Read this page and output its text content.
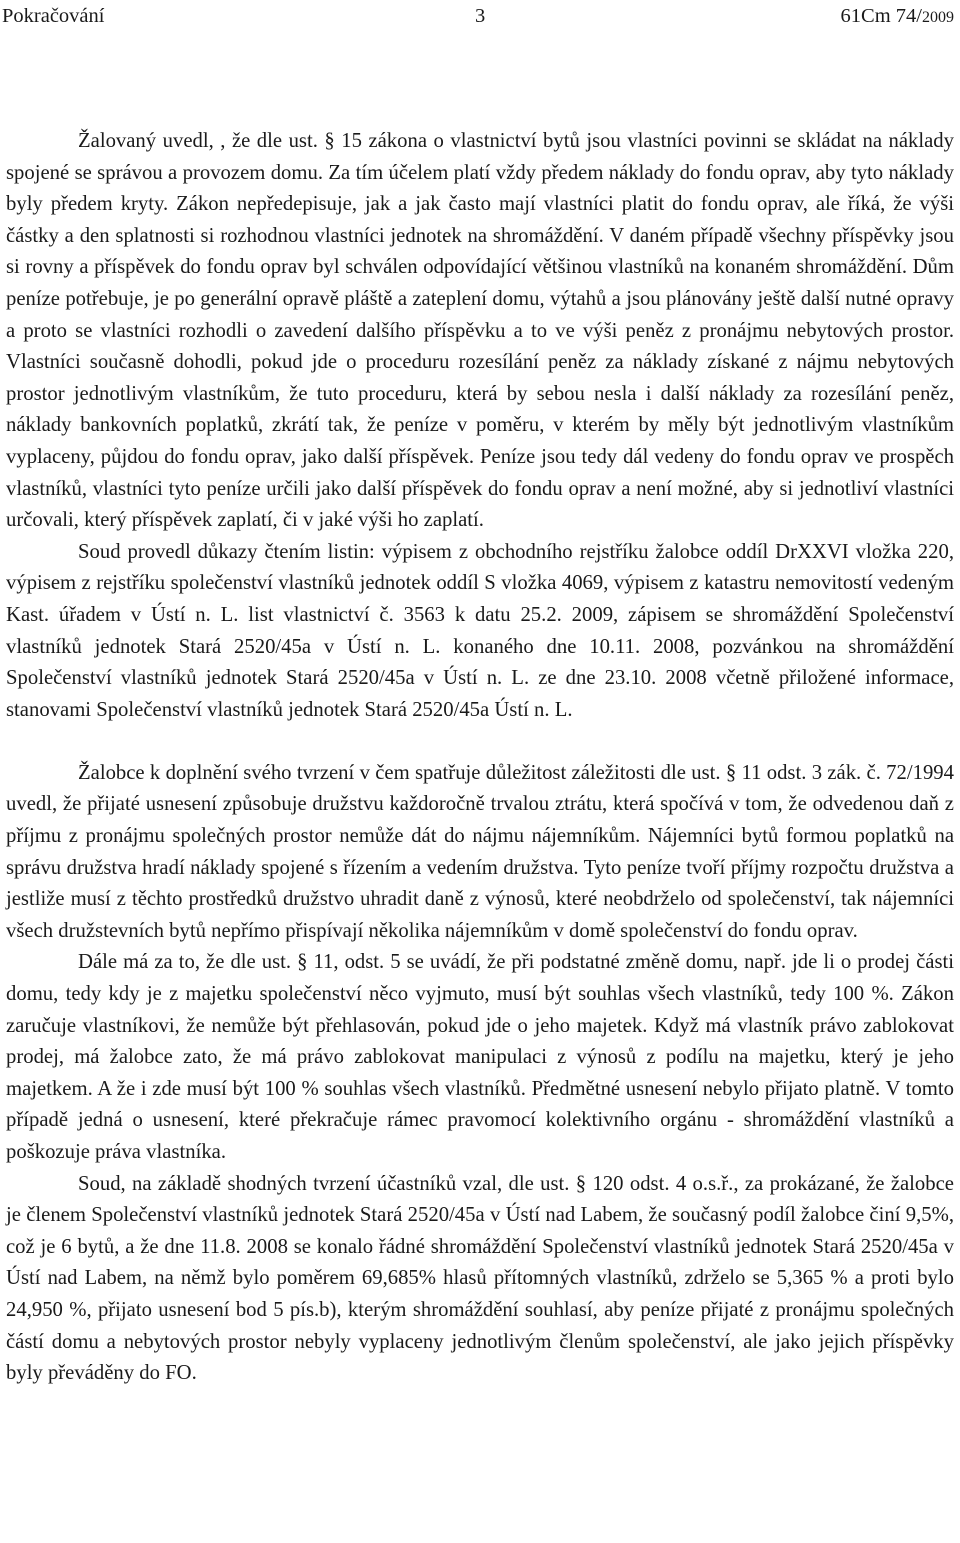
Pokračování	3	61Cm 74/2009

Žalovaný uvedl, , že dle ust. § 15 zákona o vlastnictví bytů jsou vlastníci povinni se skládat na náklady spojené se správou a provozem domu. Za tím účelem platí vždy předem náklady do fondu oprav, aby tyto náklady byly předem kryty. Zákon nepředepisuje, jak a jak často mají vlastníci platit do fondu oprav, ale říká, že výši částky a den splatnosti si rozhodnou vlastníci jednotek na shromáždění. V daném případě všechny příspěvky jsou si rovny a příspěvek do fondu oprav byl schválen odpovídající většinou vlastníků na konaném shromáždění. Dům peníze potřebuje, je po generální opravě pláště a zateplení domu, výtahů a jsou plánovány ještě další nutné opravy a proto se vlastníci rozhodli o zavedení dalšího příspěvku a to ve výši peněz z pronájmu nebytových prostor. Vlastníci současně dohodli, pokud jde o proceduru rozesílání peněz za náklady získané z nájmu nebytových prostor jednotlivým vlastníkům, že tuto proceduru, která by sebou nesla i další náklady za rozesílání peněz, náklady bankovních poplatků, zkrátí tak, že peníze v poměru, v kterém by měly být jednotlivým vlastníkům vyplaceny, půjdou do fondu oprav, jako další příspěvek. Peníze jsou tedy dál vedeny do fondu oprav ve prospěch vlastníků, vlastníci tyto peníze určili jako další příspěvek do fondu oprav a není možné, aby si jednotliví vlastníci určovali, který příspěvek zaplatí, či v jaké výši ho zaplatí.

Soud provedl důkazy čtením listin: výpisem z obchodního rejstříku žalobce oddíl DrXXVI vložka 220, výpisem z rejstříku společenství vlastníků jednotek oddíl S vložka 4069, výpisem z katastru nemovitostí vedeným Kast. úřadem v Ústí n. L. list vlastnictví č. 3563 k datu 25.2. 2009, zápisem se shromáždění Společenství vlastníků jednotek Stará 2520/45a v Ústí n. L. konaného dne 10.11. 2008, pozvánkou na shromáždění Společenství vlastníků jednotek Stará 2520/45a v Ústí n. L. ze dne 23.10. 2008 včetně přiložené informace, stanovami Společenství vlastníků jednotek Stará 2520/45a Ústí n. L.

Žalobce k doplnění svého tvrzení v čem spatřuje důležitost záležitosti dle ust. § 11 odst. 3 zák. č. 72/1994 uvedl, že přijaté usnesení způsobuje družstvu každoročně trvalou ztrátu, která spočívá v tom, že odvedenou daň z příjmu z pronájmu společných prostor nemůže dát do nájmu nájemníkům. Nájemníci bytů formou poplatků na správu družstva hradí náklady spojené s řízením a vedením družstva. Tyto peníze tvoří příjmy rozpočtu družstva a jestliže musí z těchto prostředků družstvo uhradit daně z výnosů, které neobdrželo od společenství, tak nájemníci všech družstevních bytů nepřímo přispívají několika nájemníkům v domě společenství do fondu oprav.

Dále má za to, že dle ust. § 11, odst. 5 se uvádí, že při podstatné změně domu, např. jde li o prodej části domu, tedy kdy je z majetku společenství něco vyjmuto, musí být souhlas všech vlastníků, tedy 100 %. Zákon zaručuje vlastníkovi, že nemůže být přehlasován, pokud jde o jeho majetek. Když má vlastník právo zablokovat prodej, má žalobce zato, že má právo zablokovat manipulaci z výnosů z podílu na majetku, který je jeho majetkem. A že i zde musí být 100 % souhlas všech vlastníků. Předmětné usnesení nebylo přijato platně. V tomto případě jedná o usnesení, které překračuje rámec pravomocí kolektivního orgánu - shromáždění vlastníků a poškozuje práva vlastníka.

Soud, na základě shodných tvrzení účastníků vzal, dle ust. § 120 odst. 4 o.s.ř., za prokázané, že žalobce je členem Společenství vlastníků jednotek Stará 2520/45a v Ústí nad Labem, že současný podíl žalobce činí 9,5%, což je 6 bytů, a že dne 11.8. 2008 se konalo řádné shromáždění Společenství vlastníků jednotek Stará 2520/45a v Ústí nad Labem, na němž bylo poměrem 69,685% hlasů přítomných vlastníků, zdrželo se 5,365 % a proti bylo 24,950 %, přijato usnesení bod 5 pís.b), kterým shromáždění souhlasí, aby peníze přijaté z pronájmu společných částí domu a nebytových prostor nebyly vyplaceny jednotlivým členům společenství, ale jako jejich příspěvky byly převáděny do FO.
